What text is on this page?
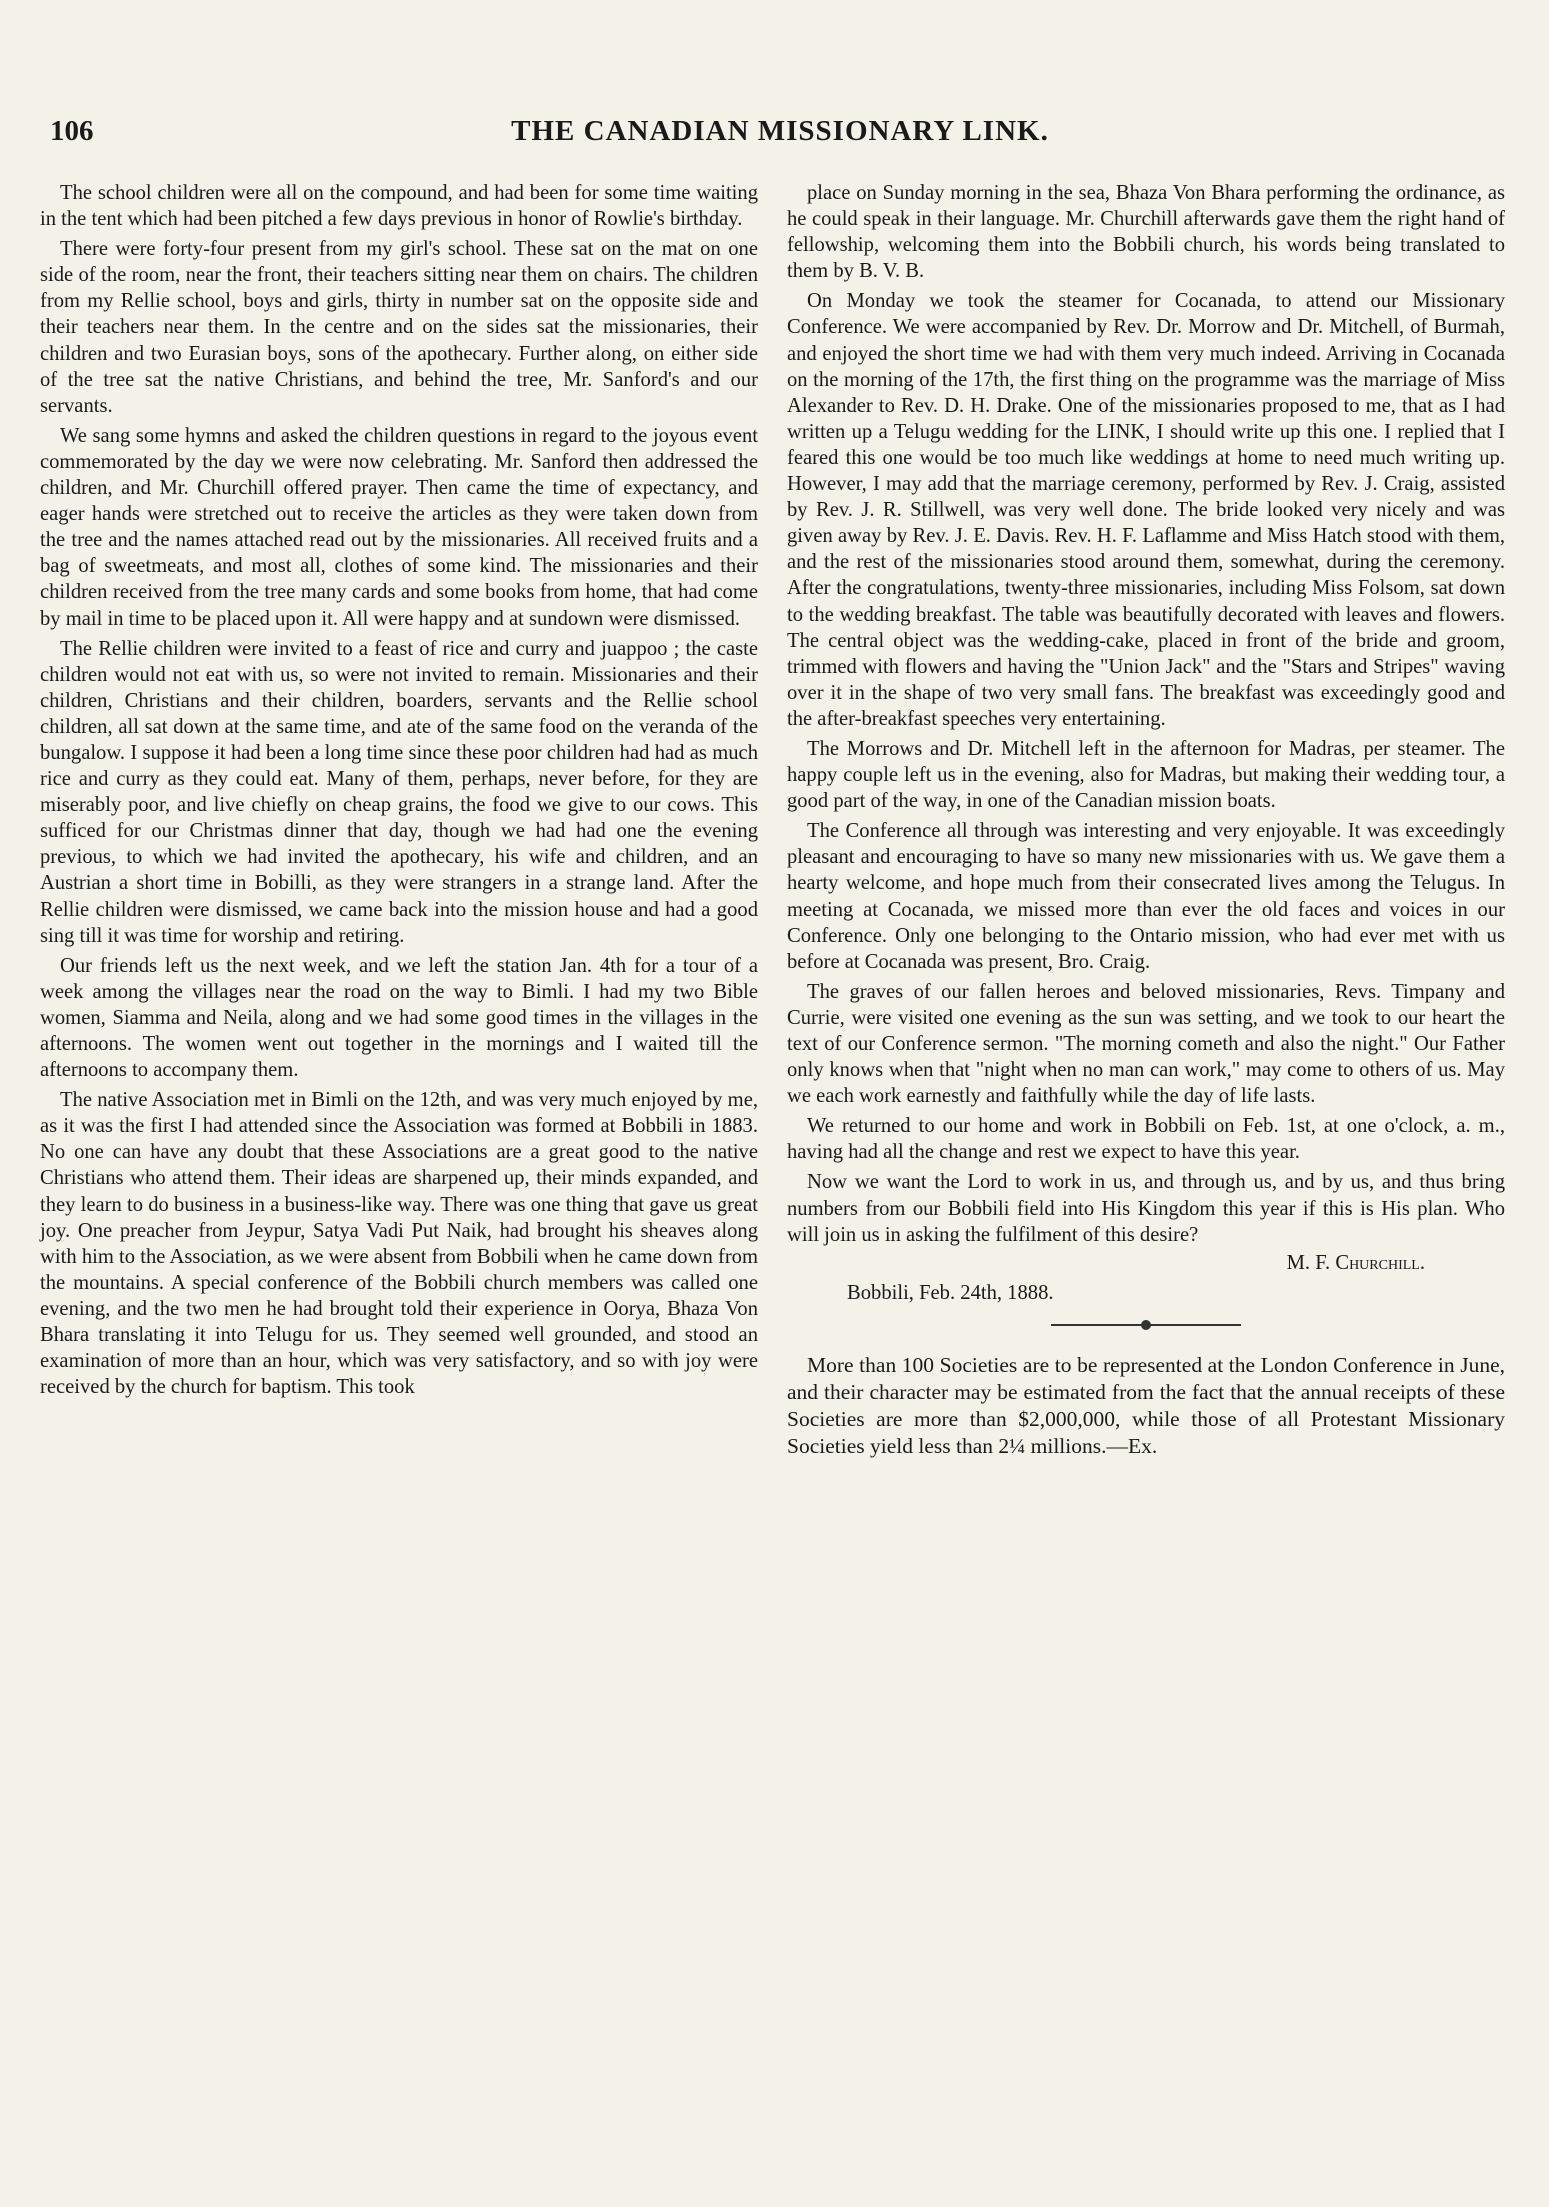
106	THE CANADIAN MISSIONARY LINK.

The school children were all on the compound, and had been for some time waiting in the tent which had been pitched a few days previous in honor of Rowlie's birthday.

There were forty-four present from my girl's school. These sat on the mat on one side of the room, near the front, their teachers sitting near them on chairs. The children from my Rellie school, boys and girls, thirty in number sat on the opposite side and their teachers near them. In the centre and on the sides sat the missionaries, their children and two Eurasian boys, sons of the apothecary. Further along, on either side of the tree sat the native Christians, and behind the tree, Mr. Sanford's and our servants.

We sang some hymns and asked the children questions in regard to the joyous event commemorated by the day we were now celebrating. Mr. Sanford then addressed the children, and Mr. Churchill offered prayer. Then came the time of expectancy, and eager hands were stretched out to receive the articles as they were taken down from the tree and the names attached read out by the missionaries. All received fruits and a bag of sweetmeats, and most all, clothes of some kind. The missionaries and their children received from the tree many cards and some books from home, that had come by mail in time to be placed upon it. All were happy and at sundown were dismissed.

The Rellie children were invited to a feast of rice and curry and juappoo ; the caste children would not eat with us, so were not invited to remain. Missionaries and their children, Christians and their children, boarders, servants and the Rellie school children, all sat down at the same time, and ate of the same food on the veranda of the bungalow. I suppose it had been a long time since these poor children had had as much rice and curry as they could eat. Many of them, perhaps, never before, for they are miserably poor, and live chiefly on cheap grains, the food we give to our cows. This sufficed for our Christmas dinner that day, though we had had one the evening previous, to which we had invited the apothecary, his wife and children, and an Austrian a short time in Bobilli, as they were strangers in a strange land. After the Rellie children were dismissed, we came back into the mission house and had a good sing till it was time for worship and retiring.

Our friends left us the next week, and we left the station Jan. 4th for a tour of a week among the villages near the road on the way to Bimli. I had my two Bible women, Siamma and Neila, along and we had some good times in the villages in the afternoons. The women went out together in the mornings and I waited till the afternoons to accompany them.

The native Association met in Bimli on the 12th, and was very much enjoyed by me, as it was the first I had attended since the Association was formed at Bobbili in 1883. No one can have any doubt that these Associations are a great good to the native Christians who attend them. Their ideas are sharpened up, their minds expanded, and they learn to do business in a business-like way. There was one thing that gave us great joy. One preacher from Jeypur, Satya Vadi Put Naik, had brought his sheaves along with him to the Association, as we were absent from Bobbili when he came down from the mountains. A special conference of the Bobbili church members was called one evening, and the two men he had brought told their experience in Oorya, Bhaza Von Bhara translating it into Telugu for us. They seemed well grounded, and stood an examination of more than an hour, which was very satisfactory, and so with joy were received by the church for baptism. This took

place on Sunday morning in the sea, Bhaza Von Bhara performing the ordinance, as he could speak in their language. Mr. Churchill afterwards gave them the right hand of fellowship, welcoming them into the Bobbili church, his words being translated to them by B. V. B.

On Monday we took the steamer for Cocanada, to attend our Missionary Conference. We were accompanied by Rev. Dr. Morrow and Dr. Mitchell, of Burmah, and enjoyed the short time we had with them very much indeed. Arriving in Cocanada on the morning of the 17th, the first thing on the programme was the marriage of Miss Alexander to Rev. D. H. Drake. One of the missionaries proposed to me, that as I had written up a Telugu wedding for the LINK, I should write up this one. I replied that I feared this one would be too much like weddings at home to need much writing up. However, I may add that the marriage ceremony, performed by Rev. J. Craig, assisted by Rev. J. R. Stillwell, was very well done. The bride looked very nicely and was given away by Rev. J. E. Davis. Rev. H. F. Laflamme and Miss Hatch stood with them, and the rest of the missionaries stood around them, somewhat, during the ceremony. After the congratulations, twenty-three missionaries, including Miss Folsom, sat down to the wedding breakfast. The table was beautifully decorated with leaves and flowers. The central object was the wedding-cake, placed in front of the bride and groom, trimmed with flowers and having the "Union Jack" and the "Stars and Stripes" waving over it in the shape of two very small fans. The breakfast was exceedingly good and the after-breakfast speeches very entertaining.

The Morrows and Dr. Mitchell left in the afternoon for Madras, per steamer. The happy couple left us in the evening, also for Madras, but making their wedding tour, a good part of the way, in one of the Canadian mission boats.

The Conference all through was interesting and very enjoyable. It was exceedingly pleasant and encouraging to have so many new missionaries with us. We gave them a hearty welcome, and hope much from their consecrated lives among the Telugus. In meeting at Cocanada, we missed more than ever the old faces and voices in our Conference. Only one belonging to the Ontario mission, who had ever met with us before at Cocanada was present, Bro. Craig.

The graves of our fallen heroes and beloved missionaries, Revs. Timpany and Currie, were visited one evening as the sun was setting, and we took to our heart the text of our Conference sermon. "The morning cometh and also the night." Our Father only knows when that "night when no man can work," may come to others of us. May we each work earnestly and faithfully while the day of life lasts.

We returned to our home and work in Bobbili on Feb. 1st, at one o'clock, a. m., having had all the change and rest we expect to have this year.

Now we want the Lord to work in us, and through us, and by us, and thus bring numbers from our Bobbili field into His Kingdom this year if this is His plan. Who will join us in asking the fulfilment of this desire?

M. F. Churchill.
Bobbili, Feb. 24th, 1888.

More than 100 Societies are to be represented at the London Conference in June, and their character may be estimated from the fact that the annual receipts of these Societies are more than $2,000,000, while those of all Protestant Missionary Societies yield less than 2¼ millions.—Ex.
